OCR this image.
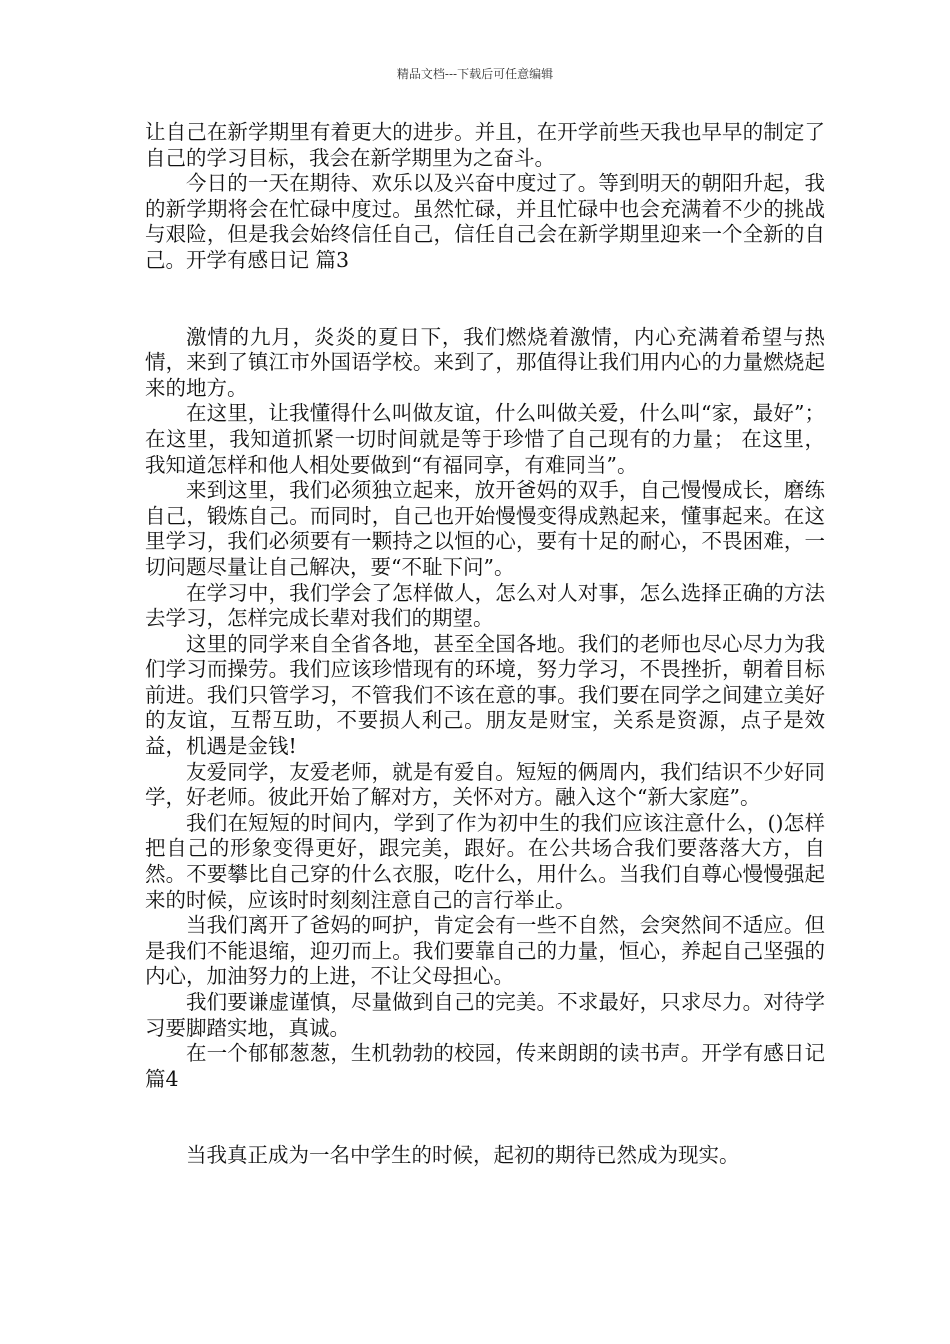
精品文档---下载后可任意编辑

让自己在新学期里有着更大的进步。并且，在开学前些天我也早早的制定了自己的学习目标，我会在新学期里为之奋斗。

今日的一天在期待、欢乐以及兴奋中度过了。等到明天的朝阳升起，我的新学期将会在忙碌中度过。虽然忙碌，并且忙碌中也会充满着不少的挑战与艰险，但是我会始终信任自己，信任自己会在新学期里迎来一个全新的自己。开学有感日记 篇3

激情的九月，炎炎的夏日下，我们燃烧着激情，内心充满着希望与热情，来到了镇江市外国语学校。来到了，那值得让我们用内心的力量燃烧起来的地方。

在这里，让我懂得什么叫做友谊，什么叫做关爱，什么叫“家，最好”； 在这里，我知道抓紧一切时间就是等于珍惜了自己现有的力量； 在这里， 我知道怎样和他人相处要做到“有福同享，有难同当”。

来到这里，我们必须独立起来，放开爸妈的双手，自己慢慢成长，磨练自己，锻炼自己。而同时，自己也开始慢慢变得成熟起来，懂事起来。在这里学习，我们必须要有一颗持之以恒的心，要有十足的耐心，不畏困难，一切问题尽量让自己解决，要“不耻下问”。

在学习中，我们学会了怎样做人，怎么对人对事，怎么选择正确的方法去学习，怎样完成长辈对我们的期望。

这里的同学来自全省各地，甚至全国各地。我们的老师也尽心尽力为我们学习而操劳。我们应该珍惜现有的环境，努力学习，不畏挫折，朝着目标前进。我们只管学习，不管我们不该在意的事。我们要在同学之间建立美好的友谊，互帮互助，不要损人利己。朋友是财宝，关系是资源，点子是效益，机遇是金钱!

友爱同学，友爱老师，就是有爱自。短短的俩周内，我们结识不少好同学，好老师。彼此开始了解对方，关怀对方。融入这个“新大家庭”。

我们在短短的时间内，学到了作为初中生的我们应该注意什么，()怎样把自己的形象变得更好，跟完美，跟好。在公共场合我们要落落大方，自然。不要攀比自己穿的什么衣服，吃什么，用什么。当我们自尊心慢慢强起来的时候，应该时时刻刻注意自己的言行举止。

当我们离开了爸妈的呵护，肯定会有一些不自然，会突然间不适应。但是我们不能退缩，迎刃而上。我们要靠自己的力量，恒心，养起自己坚强的内心，加油努力的上进，不让父母担心。

我们要谦虚谨慎，尽量做到自己的完美。不求最好，只求尽力。对待学习要脚踏实地，真诚。

在一个郁郁葱葱，生机勃勃的校园，传来朗朗的读书声。开学有感日记 篇4

当我真正成为一名中学生的时候，起初的期待已然成为现实。
